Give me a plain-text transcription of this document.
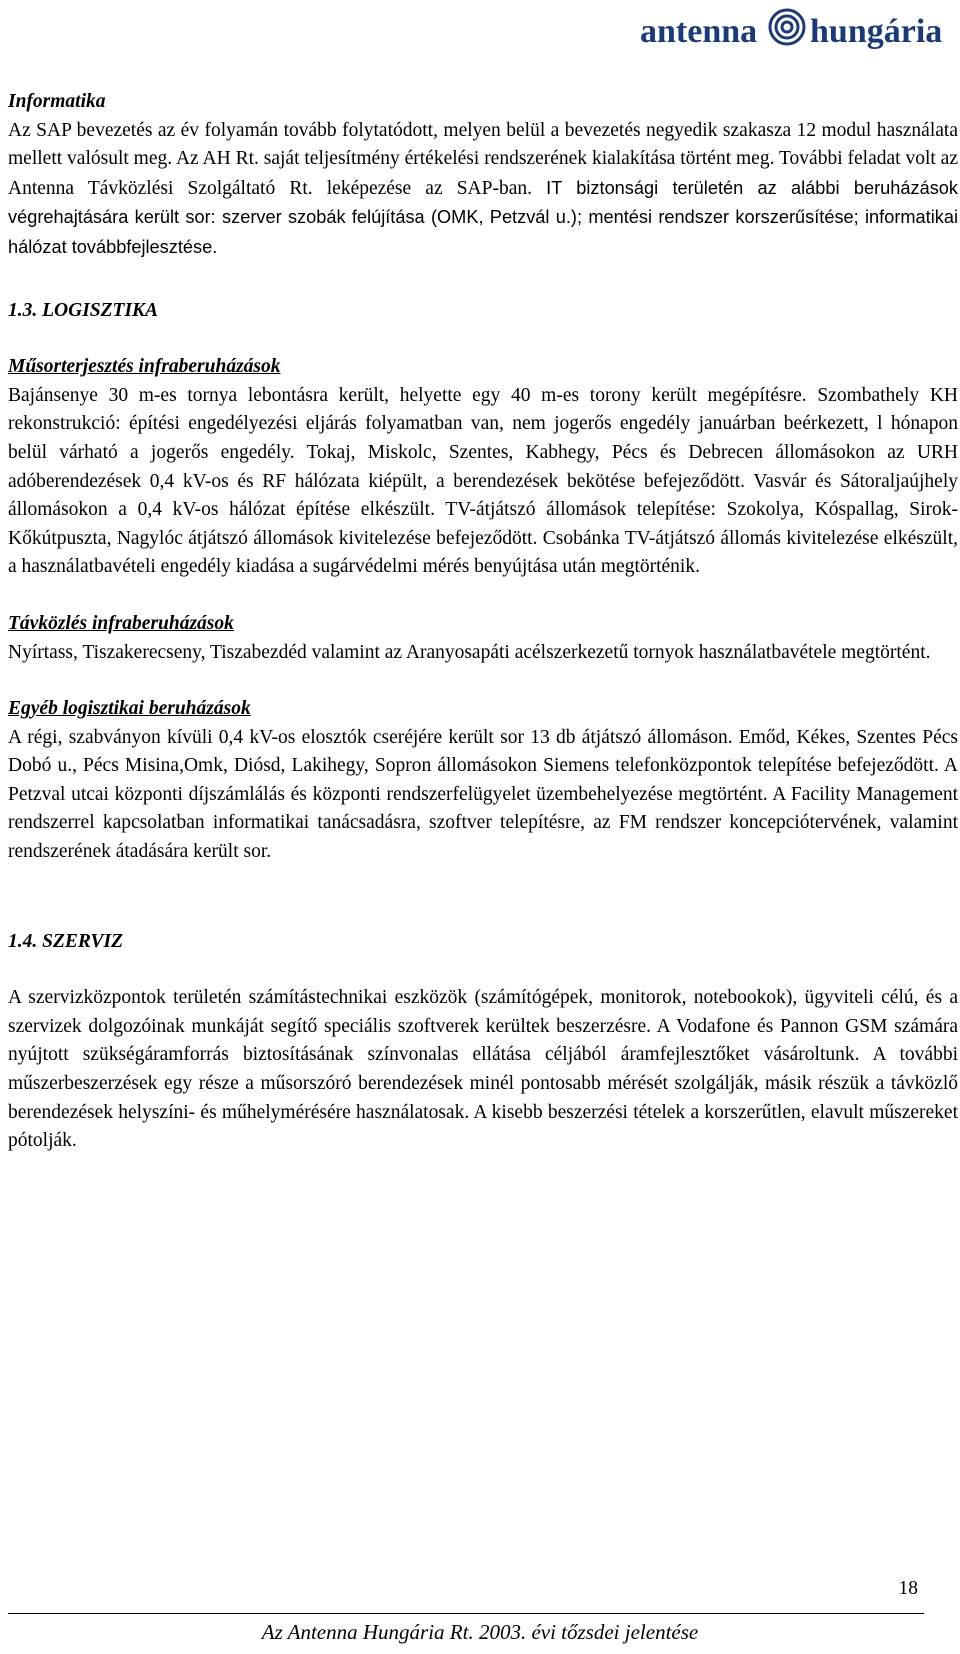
antenna hungária

Informatika

Az SAP bevezetés az év folyamán tovább folytatódott, melyen belül a bevezetés negyedik szakasza 12 modul használata mellett valósult meg. Az AH Rt. saját teljesítmény értékelési rendszerének kialakítása történt meg. További feladat volt az Antenna Távközlési Szolgáltató Rt. leképezése az SAP-ban. IT biztonsági területén az alábbi beruházások végrehajtására került sor: szerver szobák felújítása (OMK, Petzvál u.); mentési rendszer korszerűsítése; informatikai hálózat továbbfejlesztése.

1.3. LOGISZTIKA

Műsorterjesztés infraberuházások

Bajánsenye 30 m-es tornya lebontásra került, helyette egy 40 m-es torony került megépítésre. Szombathely KH rekonstrukció: építési engedélyezési eljárás folyamatban van, nem jogerős engedély januárban beérkezett, l hónapon belül várható a jogerős engedély. Tokaj, Miskolc, Szentes, Kabhegy, Pécs és Debrecen állomásokon az URH adóberendezések 0,4 kV-os és RF hálózata kiépült, a berendezések bekötése befejeződött. Vasvár és Sátoraljaújhely állomásokon a 0,4 kV-os hálózat építése elkészült. TV-átjátszó állomások telepítése: Szokolya, Kóspallag, Sirok-Kőkútpuszta, Nagylóc átjátszó állomások kivitelezése befejeződött. Csobánka TV-átjátszó állomás kivitelezése elkészült, a használatbavételi engedély kiadása a sugárvédelmi mérés benyújtása után megtörténik.

Távközlés infraberuházások

Nyírtass, Tiszakerecseny, Tiszabezdéd valamint az Aranyosapáti acélszerkezetű tornyok használatbavétele megtörtént.

Egyéb logisztikai beruházások

A régi, szabványon kívüli 0,4 kV-os elosztók cseréjére került sor 13 db átjátszó állomáson. Emőd, Kékes, Szentes Pécs Dobó u., Pécs Misina,Omk, Diósd, Lakihegy, Sopron állomásokon Siemens telefonközpontok telepítése befejeződött. A Petzval utcai központi díjszámlálás és központi rendszerfelügyelet üzembehelyezése megtörtént. A Facility Management rendszerrel kapcsolatban informatikai tanácsadásra, szoftver telepítésre, az FM rendszer koncepciótervének, valamint rendszerének átadására került sor.

1.4. SZERVIZ

A szervizközpontok területén számítástechnikai eszközök (számítógépek, monitorok, notebookok), ügyviteli célú, és a szervizek dolgozóinak munkáját segítő speciális szoftverek kerültek beszerzésre. A Vodafone és Pannon GSM számára nyújtott szükségáramforrás biztosításának színvonalas ellátása céljából áramfejlesztőket vásároltunk. A további műszerbeszerzések egy része a műsorszóró berendezések minél pontosabb mérését szolgálják, másik részük a távközlő berendezések helyszíni- és műhelymérésére használatosak. A kisebb beszerzési tételek a korszerűtlen, elavult műszereket pótolják.

18
Az Antenna Hungária Rt. 2003. évi tőzsdei jelentése
